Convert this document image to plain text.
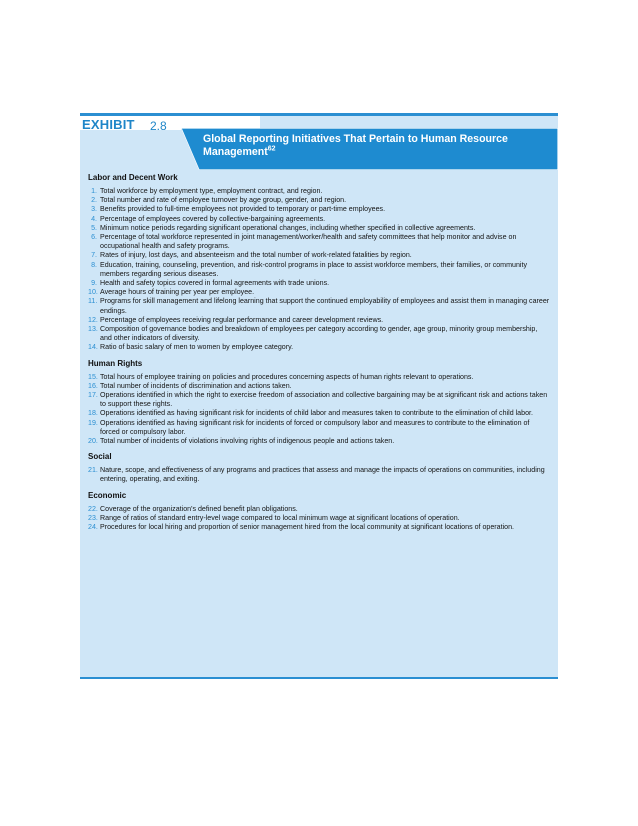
EXHIBIT 2.8
Global Reporting Initiatives That Pertain to Human Resource Management$^{62}$
Labor and Decent Work
1. Total workforce by employment type, employment contract, and region.
2. Total number and rate of employee turnover by age group, gender, and region.
3. Benefits provided to full-time employees not provided to temporary or part-time employees.
4. Percentage of employees covered by collective-bargaining agreements.
5. Minimum notice periods regarding significant operational changes, including whether specified in collective agreements.
6. Percentage of total workforce represented in joint management/worker/health and safety committees that help monitor and advise on occupational health and safety programs.
7. Rates of injury, lost days, and absenteeism and the total number of work-related fatalities by region.
8. Education, training, counseling, prevention, and risk-control programs in place to assist workforce members, their families, or community members regarding serious diseases.
9. Health and safety topics covered in formal agreements with trade unions.
10. Average hours of training per year per employee.
11. Programs for skill management and lifelong learning that support the continued employability of employees and assist them in managing career endings.
12. Percentage of employees receiving regular performance and career development reviews.
13. Composition of governance bodies and breakdown of employees per category according to gender, age group, minority group membership, and other indicators of diversity.
14. Ratio of basic salary of men to women by employee category.
Human Rights
15. Total hours of employee training on policies and procedures concerning aspects of human rights relevant to operations.
16. Total number of incidents of discrimination and actions taken.
17. Operations identified in which the right to exercise freedom of association and collective bargaining may be at significant risk and actions taken to support these rights.
18. Operations identified as having significant risk for incidents of child labor and measures taken to contribute to the elimination of child labor.
19. Operations identified as having significant risk for incidents of forced or compulsory labor and measures to contribute to the elimination of forced or compulsory labor.
20. Total number of incidents of violations involving rights of indigenous people and actions taken.
Social
21. Nature, scope, and effectiveness of any programs and practices that assess and manage the impacts of operations on communities, including entering, operating, and exiting.
Economic
22. Coverage of the organization's defined benefit plan obligations.
23. Range of ratios of standard entry-level wage compared to local minimum wage at significant locations of operation.
24. Procedures for local hiring and proportion of senior management hired from the local community at significant locations of operation.
